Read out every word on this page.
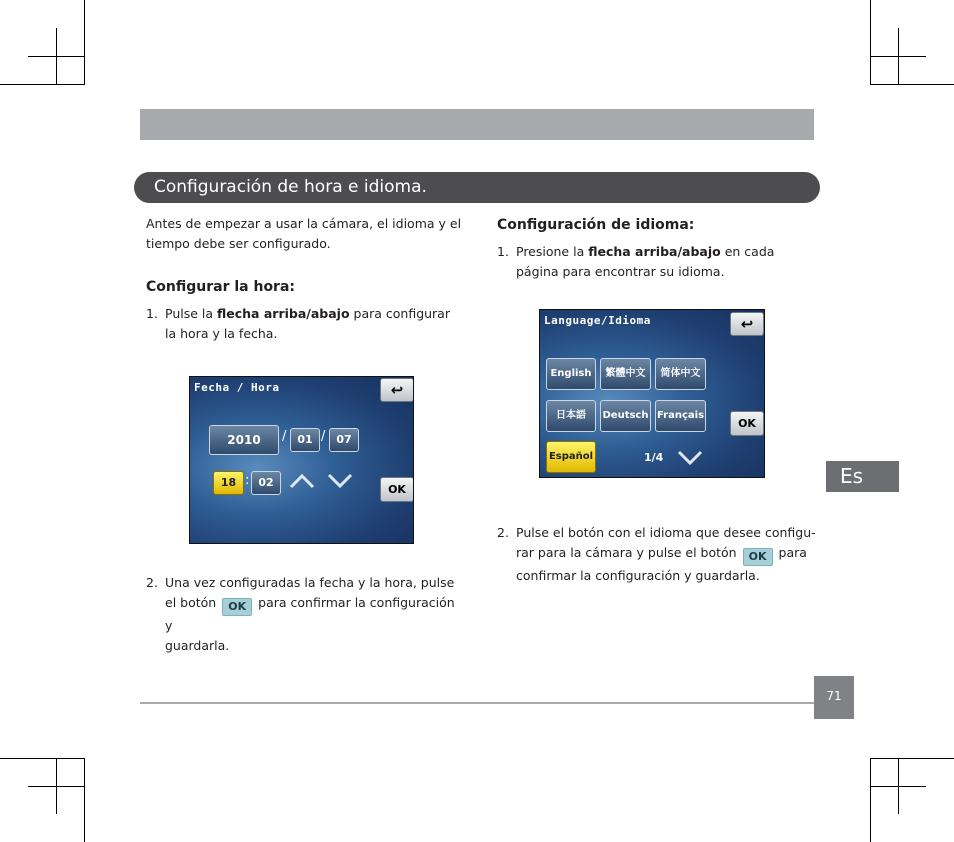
Configuración de hora e idioma.
Antes de empezar a usar la cámara, el idioma y el
tiempo debe ser configurado.
Configurar la hora:
1. Pulse la flecha arriba/abajo para configurar
la hora y la fecha.
Fecha / Hora	↩
2010	/ 01 / 07
18 : 02
OK
2. Una vez configuradas la fecha y la hora, pulse
el botón OK para confirmar la configuración y
guardarla.
Configuración de idioma:
1. Presione la flecha arriba/abajo en cada
página para encontrar su idioma.
Language/Idioma	↩
English	繁體中文	简体中文
日本語	Deutsch Français
Español	1/4
OK
2. Pulse el botón con el idioma que desee configu-
rar para la cámara y pulse el botón OK para
confirmar la configuración y guardarla.
Es
71
